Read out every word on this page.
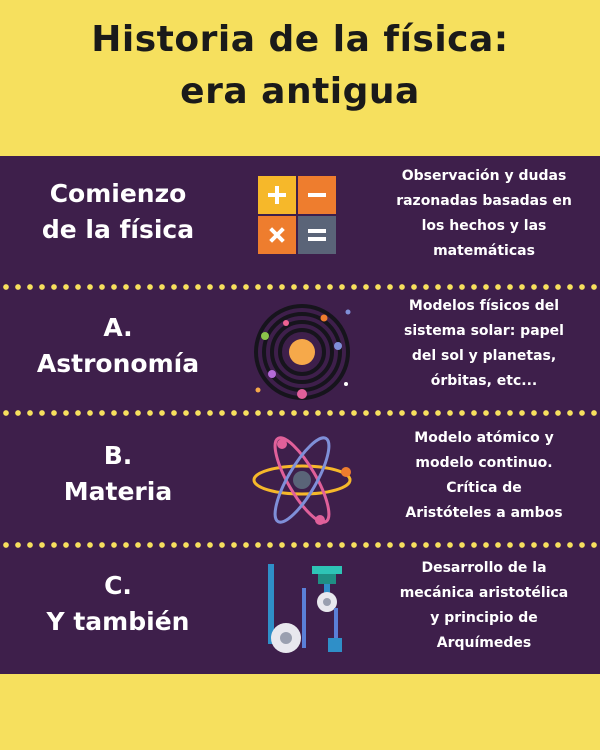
Historia de la física:
era antigua
Comienzo
de la física
Observación y dudas
razonadas basadas en
los hechos y las
matemáticas
A.
Astronomía
Modelos físicos del
sistema solar: papel
del sol y planetas,
órbitas, etc...
B.
Materia
Modelo atómico y
modelo continuo.
Crítica de
Aristóteles a ambos
C.
Y también
Desarrollo de la
mecánica aristotélica
y principio de
Arquímedes
